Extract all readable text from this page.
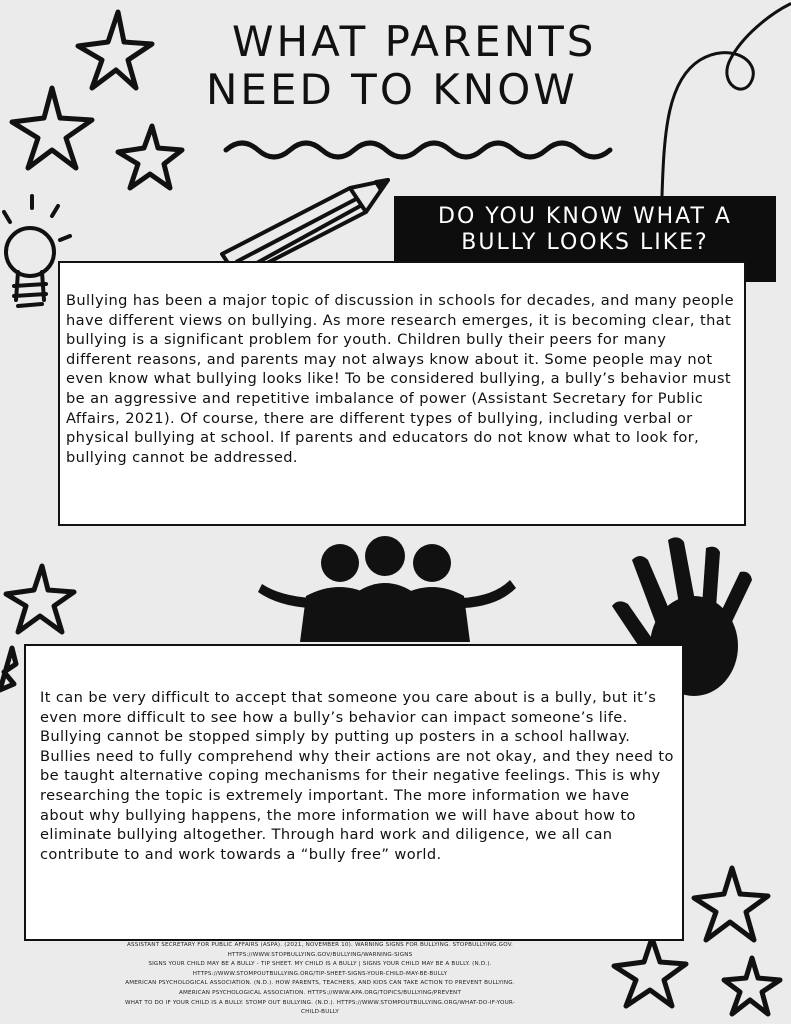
WHAT PARENTS
NEED TO KNOW
DO YOU KNOW WHAT A
BULLY LOOKS LIKE?
Bullying has been a major topic of discussion in schools for decades, and many people have different views on bullying. As more research emerges, it is becoming clear, that bullying is a significant problem for youth. Children bully their peers for many different reasons, and parents may not always know about it. Some people may not even know what bullying looks like! To be considered bullying, a bully’s behavior must be an aggressive and repetitive imbalance of power (Assistant Secretary for Public Affairs, 2021). Of course, there are different types of bullying, including verbal or physical bullying at school. If parents and educators do not know what to look for, bullying cannot be addressed.
It can be very difficult to accept that someone you care about is a bully, but it’s even more difficult to see how a bully’s behavior can impact someone’s life. Bullying cannot be stopped simply by putting up posters in a school hallway. Bullies need to fully comprehend why their actions are not okay, and they need to be taught alternative coping mechanisms for their negative feelings. This is why researching the topic is extremely important. The more information we have about why bullying happens, the more information we will have about how to eliminate bullying altogether. Through hard work and diligence, we all can contribute to and work towards a “bully free” world.
ASSISTANT SECRETARY FOR PUBLIC AFFAIRS (ASPA). (2021, NOVEMBER 10). WARNING SIGNS FOR BULLYING. STOPBULLYING.GOV.
HTTPS://WWW.STOPBULLYING.GOV/BULLYING/WARNING-SIGNS
SIGNS YOUR CHILD MAY BE A BULLY - TIP SHEET. MY CHILD IS A BULLY | SIGNS YOUR CHILD MAY BE A BULLY. (N.D.).
HTTPS://WWW.STOMPOUTBULLYING.ORG/TIP-SHEET-SIGNS-YOUR-CHILD-MAY-BE-BULLY
AMERICAN PSYCHOLOGICAL ASSOCIATION. (N.D.). HOW PARENTS, TEACHERS, AND KIDS CAN TAKE ACTION TO PREVENT BULLYING.
AMERICAN PSYCHOLOGICAL ASSOCIATION. HTTPS://WWW.APA.ORG/TOPICS/BULLYING/PREVENT
WHAT TO DO IF YOUR CHILD IS A BULLY. STOMP OUT BULLYING. (N.D.). HTTPS://WWW.STOMPOUTBULLYING.ORG/WHAT-DO-IF-YOUR-
CHILD-BULLY
